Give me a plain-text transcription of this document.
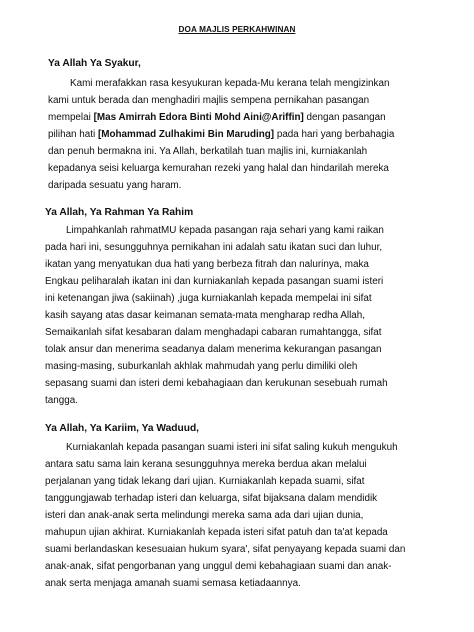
DOA MAJLIS PERKAHWINAN
Ya Allah Ya Syakur,
Kami merafakkan rasa kesyukuran kepada-Mu kerana telah mengizinkan
kami untuk berada dan menghadiri majlis sempena pernikahan pasangan
mempelai [Mas Amirrah Edora Binti Mohd Aini@Ariffin] dengan pasangan
pilihan hati [Mohammad Zulhakimi Bin Maruding] pada hari yang berbahagia
dan penuh bermakna ini. Ya Allah, berkatilah tuan majlis ini, kurniakanlah
kepadanya seisi keluarga kemurahan rezeki yang halal dan hindarilah mereka
daripada sesuatu yang haram.
Ya Allah, Ya Rahman Ya Rahim
Limpahkanlah rahmatMU kepada pasangan raja sehari yang kami raikan
pada hari ini, sesungguhnya pernikahan ini adalah satu ikatan suci dan luhur,
ikatan yang menyatukan dua hati yang berbeza fitrah dan nalurinya, maka
Engkau peliharalah ikatan ini dan kurniakanlah kepada pasangan suami isteri
ini ketenangan jiwa (sakiinah) ,juga kurniakanlah kepada mempelai ini sifat
kasih sayang atas dasar keimanan semata-mata mengharap redha Allah,
Semaikanlah sifat kesabaran dalam menghadapi cabaran rumahtangga, sifat
tolak ansur dan menerima seadanya dalam menerima kekurangan pasangan
masing-masing, suburkanlah akhlak mahmudah yang perlu dimiliki oleh
sepasang suami dan isteri demi kebahagiaan dan kerukunan sesebuah rumah
tangga.
Ya Allah, Ya Kariim, Ya Waduud,
Kurniakanlah kepada pasangan suami isteri ini sifat saling kukuh mengukuh
antara satu sama lain kerana sesungguhnya mereka berdua akan melalui
perjalanan yang tidak lekang dari ujian. Kurniakanlah kepada suami, sifat
tanggungjawab terhadap isteri dan keluarga, sifat bijaksana dalam mendidik
isteri dan anak-anak serta melindungi mereka sama ada dari ujian dunia,
mahupun ujian akhirat. Kurniakanlah kepada isteri sifat patuh dan ta'at kepada
suami berlandaskan kesesuaian hukum syara', sifat penyayang kepada suami dan
anak-anak, sifat pengorbanan yang unggul demi kebahagiaan suami dan anak-
anak serta menjaga amanah suami semasa ketiadaannya.
